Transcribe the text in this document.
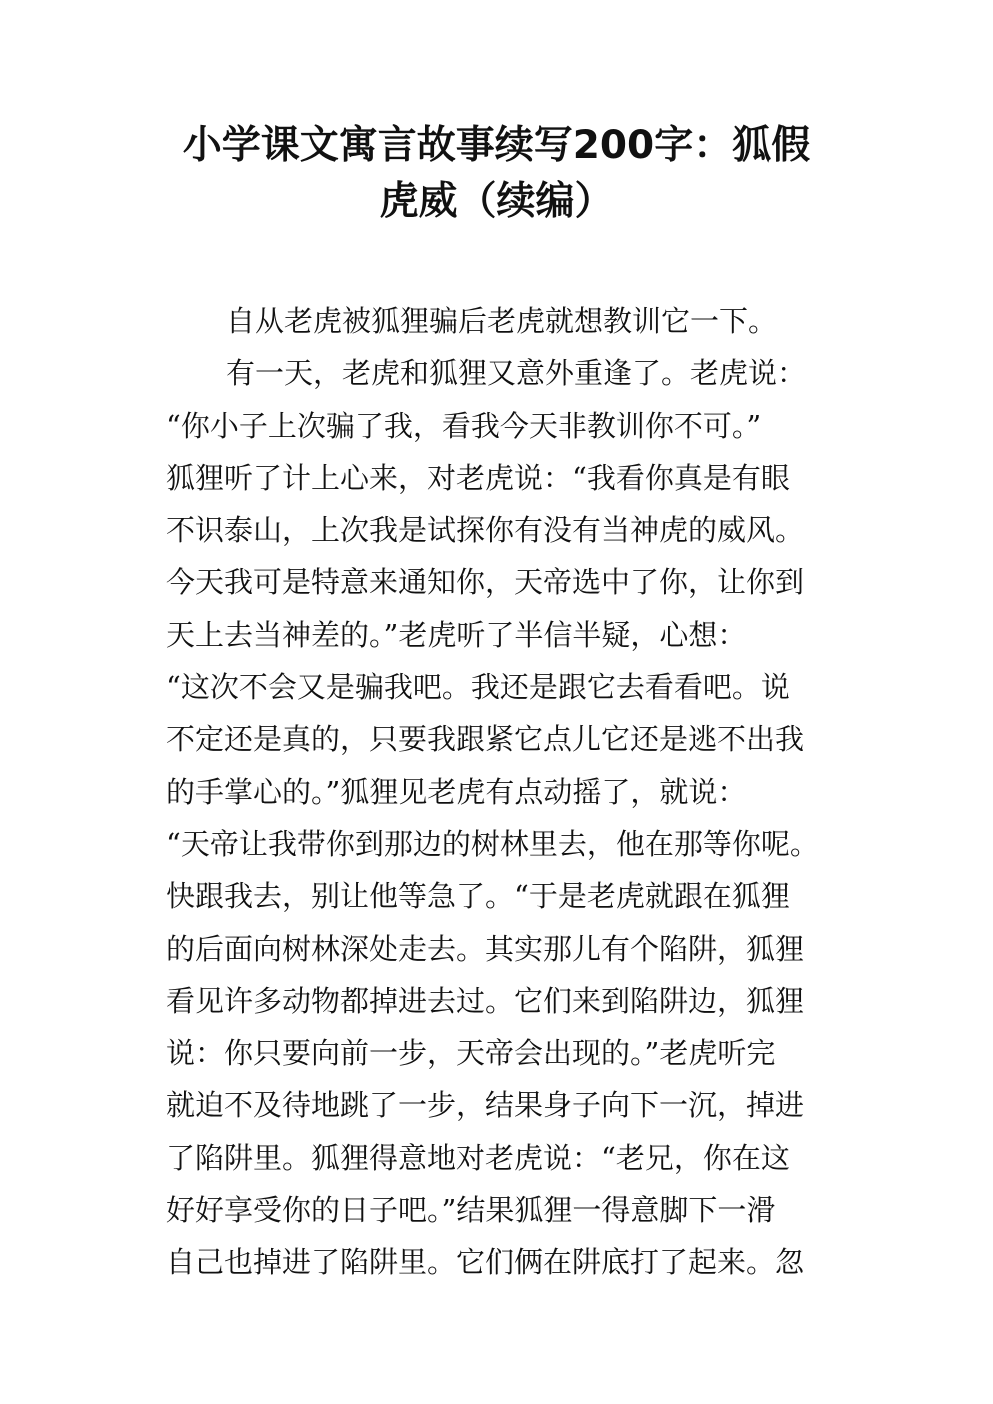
小学课文寓言故事续写200字：狐假
虎威（续编）
自从老虎被狐狸骗后老虎就想教训它一下。
有一天，老虎和狐狸又意外重逢了。老虎说：
“你小子上次骗了我，看我今天非教训你不可。”
狐狸听了计上心来，对老虎说：“我看你真是有眼
不识泰山，上次我是试探你有没有当神虎的威风。
今天我可是特意来通知你，天帝选中了你，让你到
天上去当神差的。”老虎听了半信半疑，心想：
“这次不会又是骗我吧。我还是跟它去看看吧。说
不定还是真的，只要我跟紧它点儿它还是逃不出我
的手掌心的。”狐狸见老虎有点动摇了，就说：
“天帝让我带你到那边的树林里去，他在那等你呢。
快跟我去，别让他等急了。“于是老虎就跟在狐狸
的后面向树林深处走去。其实那儿有个陷阱，狐狸
看见许多动物都掉进去过。它们来到陷阱边，狐狸
说：你只要向前一步，天帝会出现的。”老虎听完
就迫不及待地跳了一步，结果身子向下一沉，掉进
了陷阱里。狐狸得意地对老虎说：“老兄，你在这
好好享受你的日子吧。”结果狐狸一得意脚下一滑
自己也掉进了陷阱里。它们俩在阱底打了起来。忽
